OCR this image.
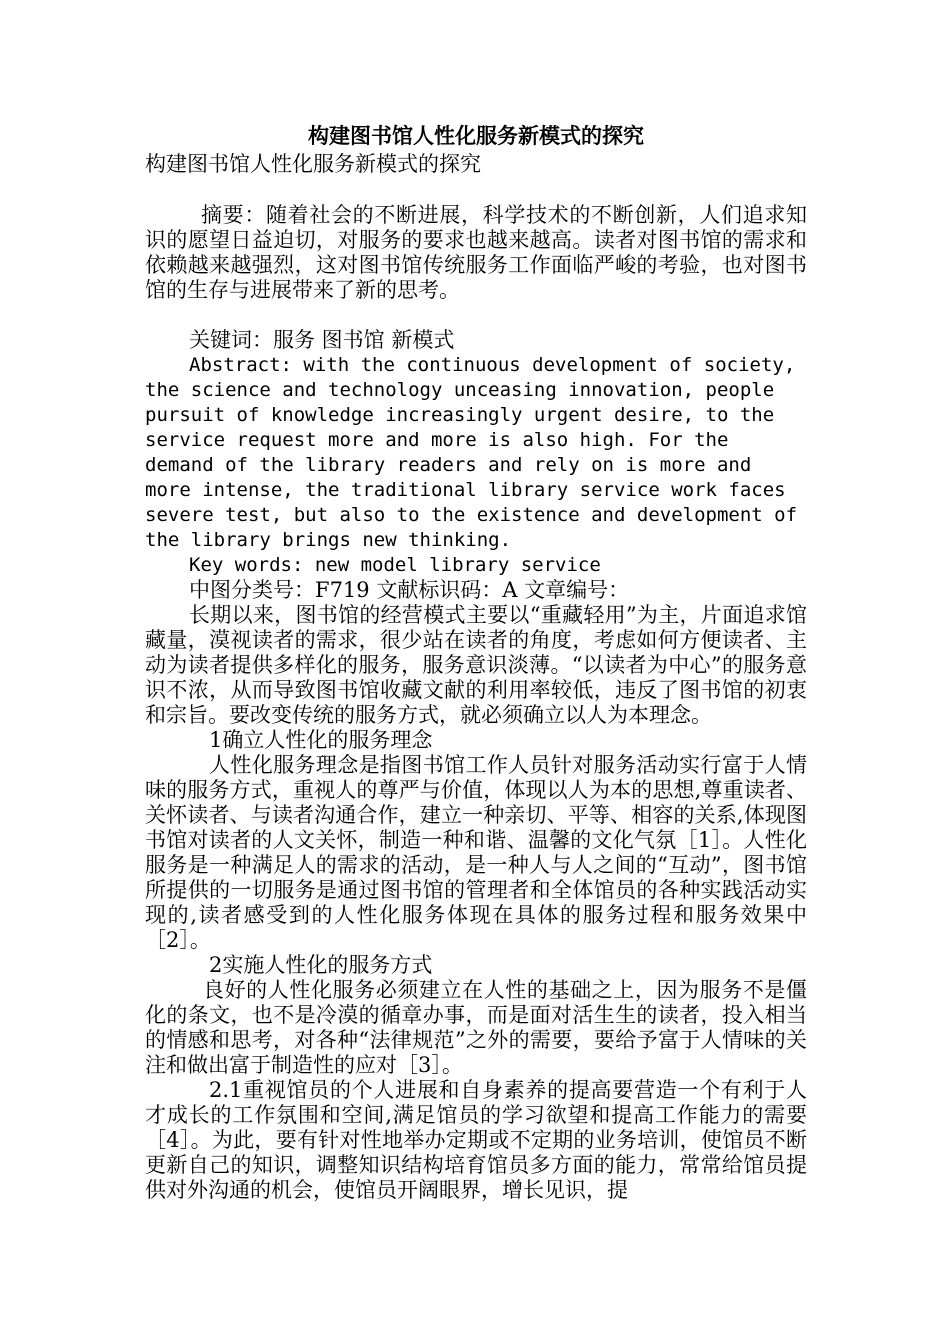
构建图书馆人性化服务新模式的探究

构建图书馆人性化服务新模式的探究

摘要：随着社会的不断进展，科学技术的不断创新，人们追求知识的愿望日益迫切，对服务的要求也越来越高。读者对图书馆的需求和依赖越来越强烈，这对图书馆传统服务工作面临严峻的考验，也对图书馆的生存与进展带来了新的思考。

关键词：服务 图书馆 新模式

Abstract: with the continuous development of society, the science and technology unceasing innovation, people pursuit of knowledge increasingly urgent desire, to the service request more and more is also high. For the demand of the library readers and rely on is more and more intense, the traditional library service work faces severe test, but also to the existence and development of the library brings new thinking.

Key words: new model library service

中图分类号：F719 文献标识码：A 文章编号：

长期以来，图书馆的经营模式主要以“重藏轻用”为主，片面追求馆藏量，漠视读者的需求，很少站在读者的角度，考虑如何方便读者、主动为读者提供多样化的服务，服务意识淡薄。“以读者为中心”的服务意识不浓，从而导致图书馆收藏文献的利用率较低，违反了图书馆的初衷和宗旨。要改变传统的服务方式，就必须确立以人为本理念。

1确立人性化的服务理念

人性化服务理念是指图书馆工作人员针对服务活动实行富于人情味的服务方式，重视人的尊严与价值，体现以人为本的思想,尊重读者、关怀读者、与读者沟通合作，建立一种亲切、平等、相容的关系,体现图书馆对读者的人文关怀，制造一种和谐、温馨的文化气氛［1］。人性化服务是一种满足人的需求的活动，是一种人与人之间的“互动”，图书馆所提供的一切服务是通过图书馆的管理者和全体馆员的各种实践活动实现的,读者感受到的人性化服务体现在具体的服务过程和服务效果中［2］。

2实施人性化的服务方式

良好的人性化服务必须建立在人性的基础之上，因为服务不是僵化的条文，也不是冷漠的循章办事，而是面对活生生的读者，投入相当的情感和思考，对各种“法律规范”之外的需要，要给予富于人情味的关注和做出富于制造性的应对［3］。

2.1重视馆员的个人进展和自身素养的提高要营造一个有利于人才成长的工作氛围和空间,满足馆员的学习欲望和提高工作能力的需要［4］。为此，要有针对性地举办定期或不定期的业务培训，使馆员不断更新自己的知识，调整知识结构培育馆员多方面的能力，常常给馆员提供对外沟通的机会，使馆员开阔眼界，增长见识，提
